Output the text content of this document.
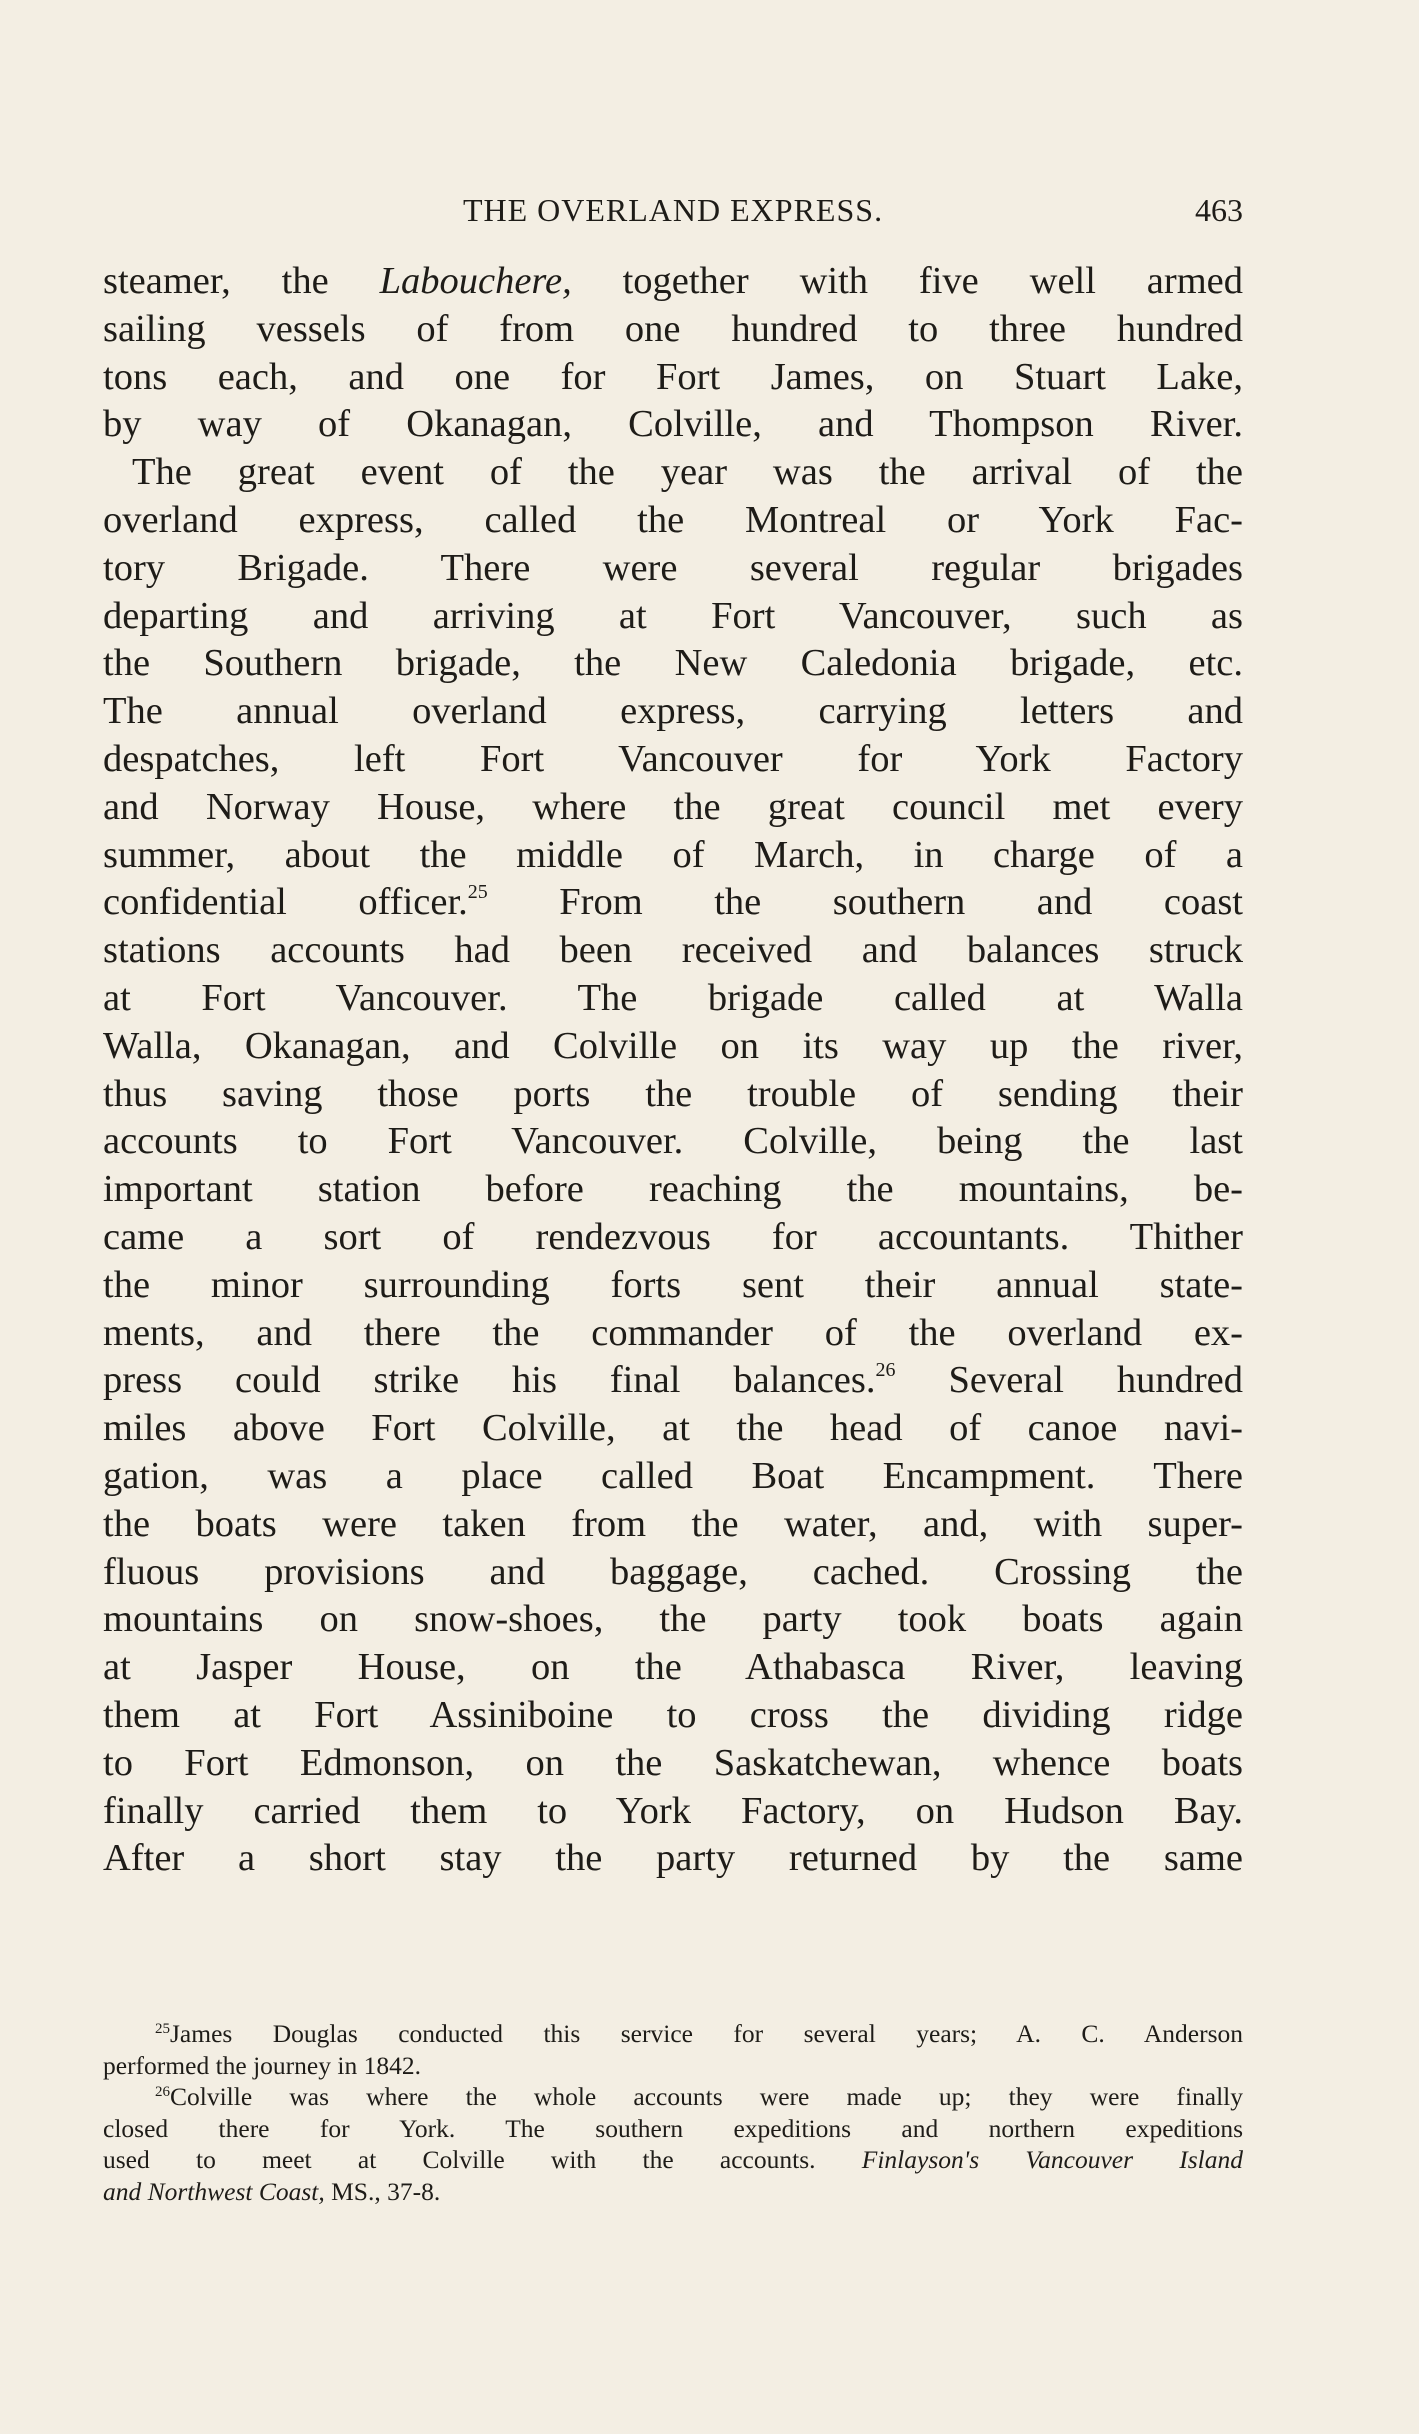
THE OVERLAND EXPRESS.	463
steamer, the Labouchere, together with five well armed
sailing vessels of from one hundred to three hundred
tons each, and one for Fort James, on Stuart Lake,
by way of Okanagan, Colville, and Thompson River.
The great event of the year was the arrival of the
overland express, called the Montreal or York Fac-
tory Brigade. There were several regular brigades
departing and arriving at Fort Vancouver, such as
the Southern brigade, the New Caledonia brigade, etc.
The annual overland express, carrying letters and
despatches, left Fort Vancouver for York Factory
and Norway House, where the great council met every
summer, about the middle of March, in charge of a
confidential officer.$^{25}$ From the southern and coast
stations accounts had been received and balances struck
at Fort Vancouver. The brigade called at Walla
Walla, Okanagan, and Colville on its way up the river,
thus saving those ports the trouble of sending their
accounts to Fort Vancouver. Colville, being the last
important station before reaching the mountains, be-
came a sort of rendezvous for accountants. Thither
the minor surrounding forts sent their annual state-
ments, and there the commander of the overland ex-
press could strike his final balances.$^{26}$ Several hundred
miles above Fort Colville, at the head of canoe navi-
gation, was a place called Boat Encampment. There
the boats were taken from the water, and, with super-
fluous provisions and baggage, cached. Crossing the
mountains on snow-shoes, the party took boats again
at Jasper House, on the Athabasca River, leaving
them at Fort Assiniboine to cross the dividing ridge
to Fort Edmonson, on the Saskatchewan, whence boats
finally carried them to York Factory, on Hudson Bay.
After a short stay the party returned by the same
$^{25}$James Douglas conducted this service for several years; A. C. Anderson
performed the journey in 1842.
$^{26}$Colville was where the whole accounts were made up; they were finally
closed there for York. The southern expeditions and northern expeditions
used to meet at Colville with the accounts. Finlayson's Vancouver Island
and Northwest Coast, MS., 37-8.
